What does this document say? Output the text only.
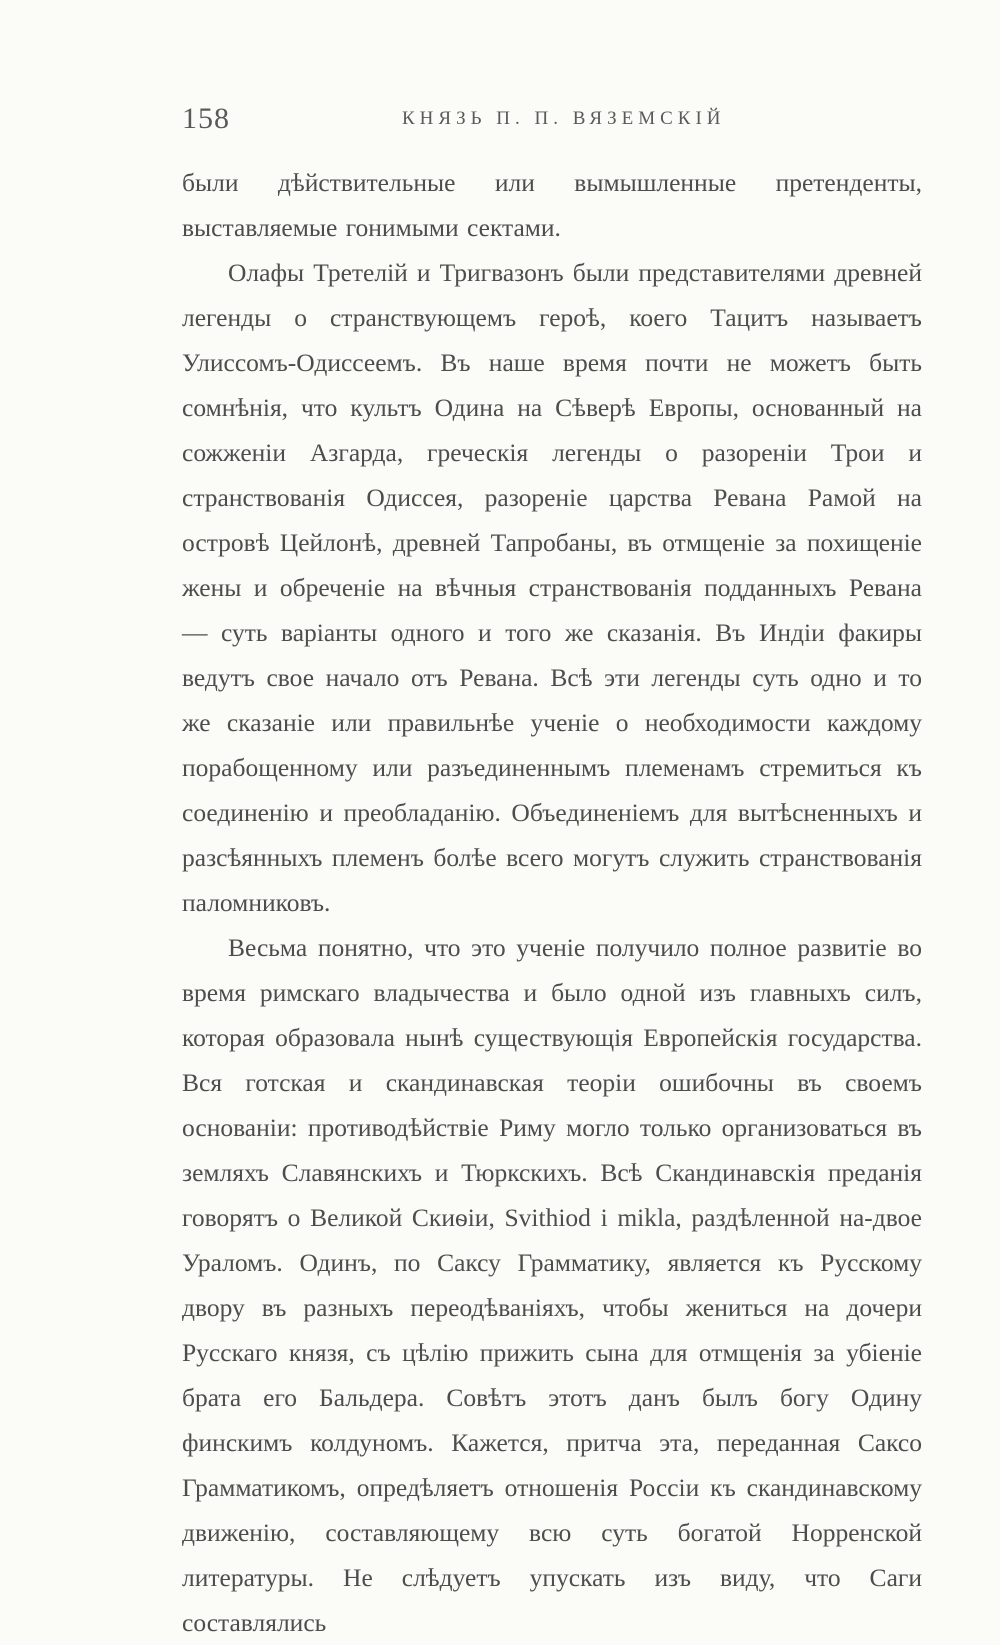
158	КНЯЗЬ П. П. ВЯЗЕМСКІЙ

были дѣйствительные или вымышленные претенденты, выставляемые гонимыми сектами.

Олафы Третелій и Тригвазонъ были представителями древней легенды о странствующемъ героѣ, коего Тацитъ называетъ Улиссомъ-Одиссеемъ. Въ наше время почти не можетъ быть сомнѣнія, что культъ Одина на Сѣверѣ Европы, основанный на сожженіи Азгарда, греческія легенды о разореніи Трои и странствованія Одиссея, разореніе царства Ревана Рамой на островѣ Цейлонѣ, древней Тапробаны, въ отмщеніе за похищеніе жены и обреченіе на вѣчныя странствованія подданныхъ Ревана — суть варіанты одного и того же сказанія. Въ Индіи факиры ведутъ свое начало отъ Ревана. Всѣ эти легенды суть одно и то же сказаніе или правильнѣе ученіе о необходимости каждому порабощенному или разъединеннымъ племенамъ стремиться къ соединенію и преобладанію. Объединеніемъ для вытѣсненныхъ и разсѣянныхъ племенъ болѣе всего могутъ служить странствованія паломниковъ.

Весьма понятно, что это ученіе получило полное развитіе во время римскаго владычества и было одной изъ главныхъ силъ, которая образовала нынѣ существующія Европейскія государства. Вся готская и скандинавская теоріи ошибочны въ своемъ основаніи: противодѣйствіе Риму могло только организоваться въ земляхъ Славянскихъ и Тюркскихъ. Всѣ Скандинавскія преданія говорятъ о Великой Скиѳіи, Svithiod i mikla, раздѣленной на-двое Ураломъ. Одинъ, по Саксу Грамматику, является къ Русскому двору въ разныхъ переодѣваніяхъ, чтобы жениться на дочери Русскаго князя, съ цѣлію прижить сына для отмщенія за убіеніе брата его Бальдера. Совѣтъ этотъ данъ былъ богу Одину финскимъ колдуномъ. Кажется, притча эта, переданная Саксо Грамматикомъ, опредѣляетъ отношенія Россіи къ скандинавскому движенію, составляющему всю суть богатой Норренской литературы. Не слѣдуетъ упускать изъ виду, что Саги составлялись
